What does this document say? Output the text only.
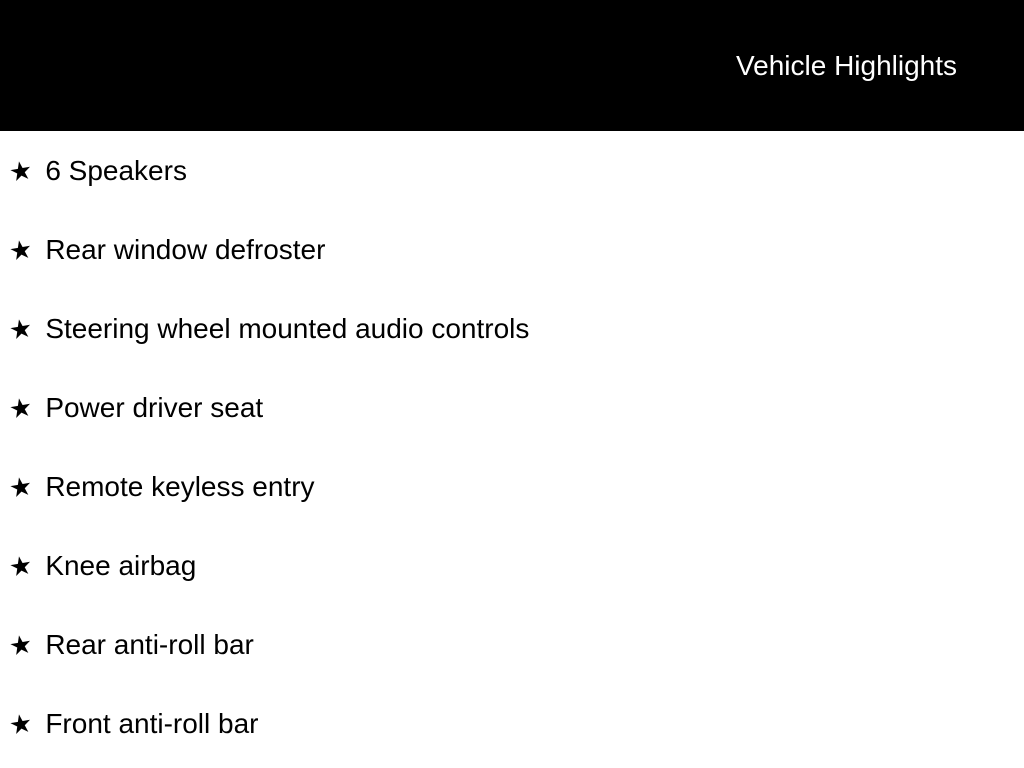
Vehicle Highlights
★ 6 Speakers
★ Rear window defroster
★ Steering wheel mounted audio controls
★ Power driver seat
★ Remote keyless entry
★ Knee airbag
★ Rear anti-roll bar
★ Front anti-roll bar
